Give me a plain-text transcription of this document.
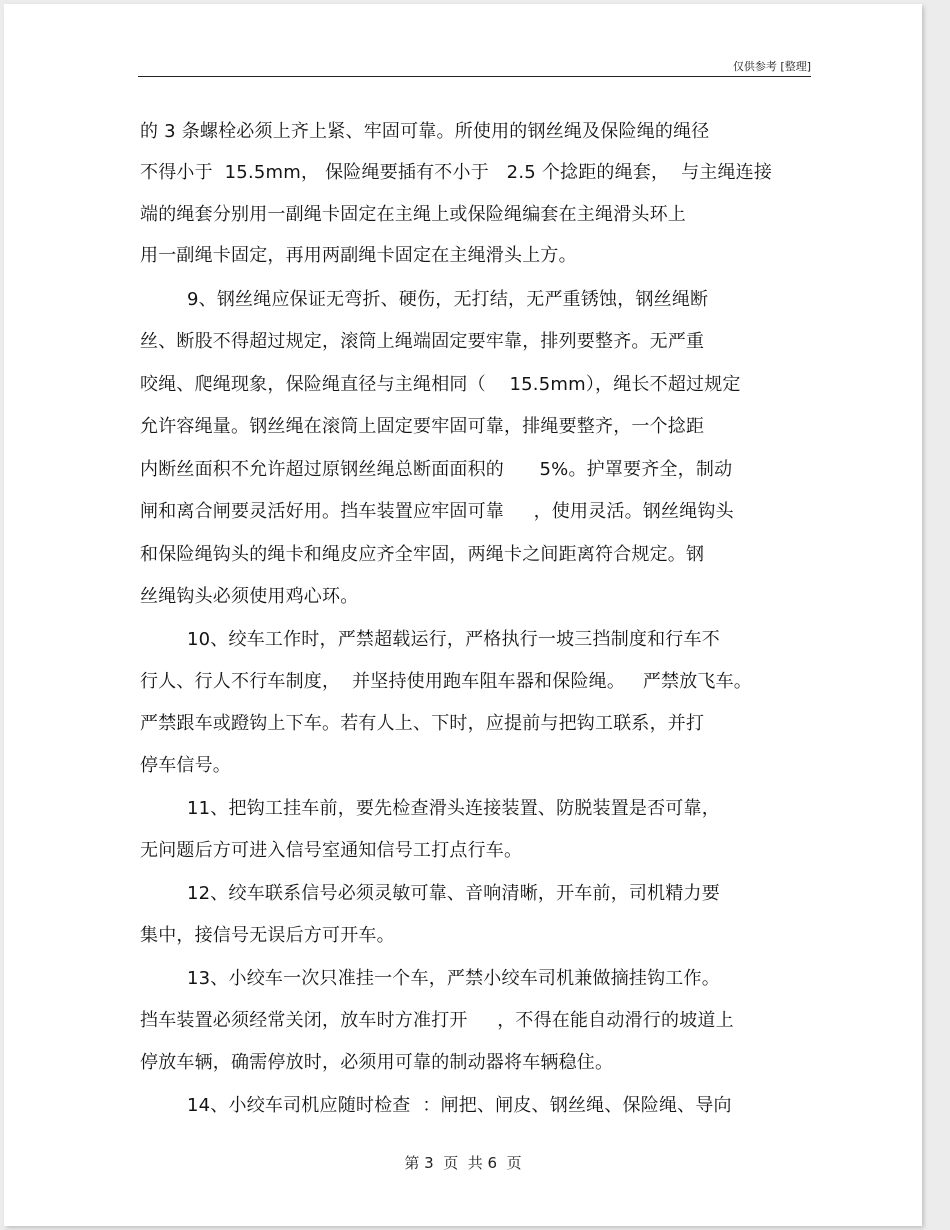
仅供参考 [整理]
的 3 条螺栓必须上齐上紧、牢固可靠。所使用的钢丝绳及保险绳的绳径
不得小于  15.5mm， 保险绳要插有不小于   2.5 个捻距的绳套，  与主绳连接
端的绳套分别用一副绳卡固定在主绳上或保险绳编套在主绳滑头环上
用一副绳卡固定，再用两副绳卡固定在主绳滑头上方。
9、钢丝绳应保证无弯折、硬伤，无打结，无严重锈蚀，钢丝绳断
丝、断股不得超过规定，滚筒上绳端固定要牢靠，排列要整齐。无严重
咬绳、爬绳现象，保险绳直径与主绳相同（    15.5mm），绳长不超过规定
允许容绳量。钢丝绳在滚筒上固定要牢固可靠，排绳要整齐，一个捻距
内断丝面积不允许超过原钢丝绳总断面面积的      5%。护罩要齐全，制动
闸和离合闸要灵活好用。挡车装置应牢固可靠     ，使用灵活。钢丝绳钩头
和保险绳钩头的绳卡和绳皮应齐全牢固，两绳卡之间距离符合规定。钢
丝绳钩头必须使用鸡心环。
10、绞车工作时，严禁超载运行，严格执行一坡三挡制度和行车不
行人、行人不行车制度，  并坚持使用跑车阻车器和保险绳。   严禁放飞车。
严禁跟车或蹬钩上下车。若有人上、下时，应提前与把钩工联系，并打
停车信号。
11、把钩工挂车前，要先检查滑头连接装置、防脱装置是否可靠，
无问题后方可进入信号室通知信号工打点行车。
12、绞车联系信号必须灵敏可靠、音响清晰，开车前，司机精力要
集中，接信号无误后方可开车。
13、小绞车一次只准挂一个车，严禁小绞车司机兼做摘挂钩工作。
挡车装置必须经常关闭，放车时方准打开     ，不得在能自动滑行的坡道上
停放车辆，确需停放时，必须用可靠的制动器将车辆稳住。
14、小绞车司机应随时检查  ：闸把、闸皮、钢丝绳、保险绳、导向
第 3  页  共 6  页
